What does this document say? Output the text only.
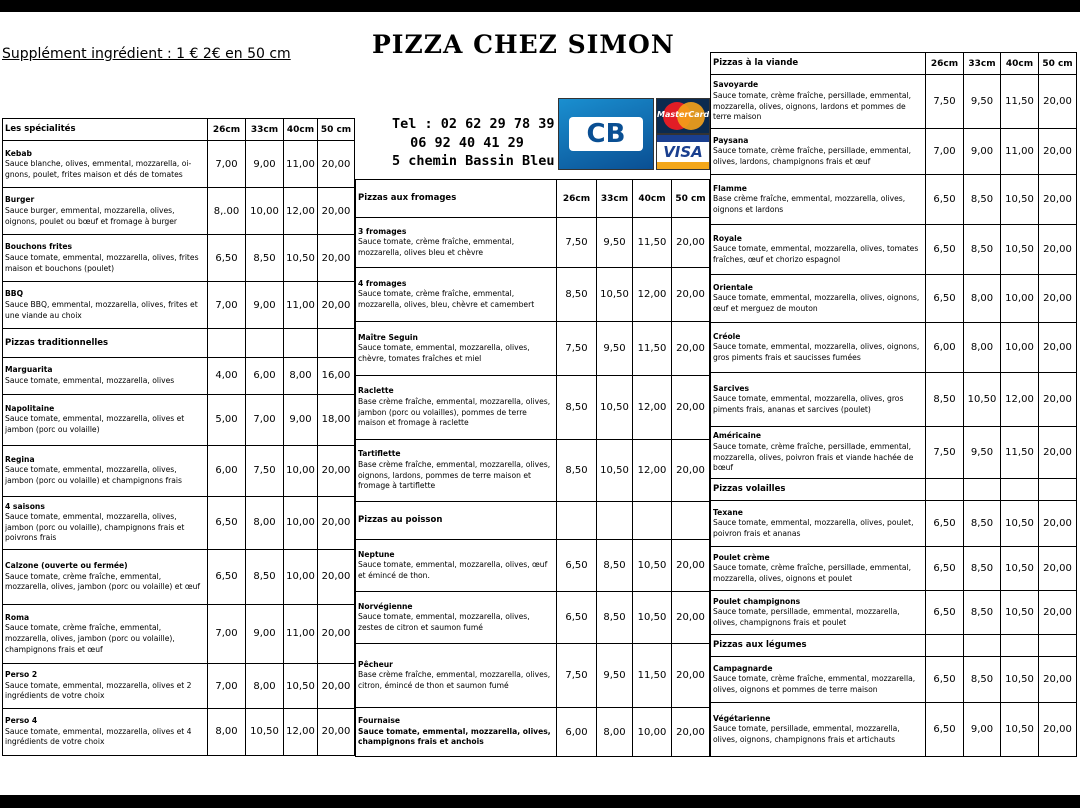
Supplément ingrédient : 1 € 2€ en 50 cm	PIZZA CHEZ SIMON
Tel : 02 62 29 78 39
06 92 40 41 29
5 chemin Bassin Bleu
CB
MasterCard
VISA
Les spécialités	26cm	33cm	40cm	50 cm

Kebab
Sauce blanche, olives, emmental, mozzarella, oi-gnons, poulet, frites maison et dés de tomates	7,00	9,00	11,00	20,00

Burger
Sauce burger, emmental, mozzarella, olives, oignons, poulet ou bœuf et fromage à burger	8,.00	10,00	12,00	20,00

Bouchons frites
Sauce tomate, emmental, mozzarella, olives, frites maison et bouchons (poulet)	6,50	8,50	10,50	20,00

BBQ
Sauce BBQ, emmental, mozzarella, olives, frites et une viande au choix	7,00	9,00	11,00	20,00
Pizzas traditionnelles				

Marguarita
Sauce tomate, emmental, mozzarella, olives	4,00	6,00	8,00	16,00

Napolitaine
Sauce tomate, emmental, mozzarella, olives et jambon (porc ou volaille)	5,00	7,00	9,00	18,00

Regina
Sauce tomate, emmental, mozzarella, olives, jambon (porc ou volaille) et champignons frais	6,00	7,50	10,00	20,00

4 saisons
Sauce tomate, emmental, mozzarella, olives, jambon (porc ou volaille), champignons frais et poivrons frais	6,50	8,00	10,00	20,00

Calzone (ouverte ou fermée)
Sauce tomate, crème fraîche, emmental, mozzarella, olives, jambon (porc ou volaille) et œuf	6,50	8,50	10,00	20,00

Roma
Sauce tomate, crème fraîche, emmental, mozzarella, olives, jambon (porc ou volaille), champignons frais et œuf	7,00	9,00	11,00	20,00

Perso 2
Sauce tomate, emmental, mozzarella, olives et 2 ingrédients de votre choix	7,00	8,00	10,50	20,00

Perso 4
Sauce tomate, emmental, mozzarella, olives et 4 ingrédients de votre choix	8,00	10,50	12,00	20,00
Pizzas aux fromages	26cm	33cm	40cm	50 cm

3 fromages
Sauce tomate, crème fraîche, emmental, mozzarella, olives bleu et chèvre	7,50	9,50	11,50	20,00

4 fromages
Sauce tomate, crème fraîche, emmental, mozzarella, olives, bleu, chèvre et camembert	8,50	10,50	12,00	20,00

Maître Seguin
Sauce tomate, emmental, mozzarella, olives, chèvre, tomates fraîches et miel	7,50	9,50	11,50	20,00

Raclette
Base crème fraîche, emmental, mozzarella, olives, jambon (porc ou volailles), pommes de terre maison et fromage à raclette	8,50	10,50	12,00	20,00

Tartiflette
Base crème fraîche, emmental, mozzarella, olives, oignons, lardons, pommes de terre maison et fromage à tartiflette	8,50	10,50	12,00	20,00
Pizzas au poisson				

Neptune
Sauce tomate, emmental, mozzarella, olives, œuf et émincé de thon.	6,50	8,50	10,50	20,00

Norvégienne
Sauce tomate, emmental, mozzarella, olives, zestes de citron et saumon fumé	6,50	8,50	10,50	20,00

Pêcheur
Base crème fraîche, emmental, mozzarella, olives, citron, émincé de thon et saumon fumé	7,50	9,50	11,50	20,00

Fournaise
Sauce tomate, emmental, mozzarella, olives, champignons frais et anchois	6,00	8,00	10,00	20,00
Pizzas à la viande	26cm	33cm	40cm	50 cm

Savoyarde
Sauce tomate, crème fraîche, persillade, emmental, mozzarella, olives, oignons, lardons et pommes de terre maison	7,50	9,50	11,50	20,00

Paysana
Sauce tomate, crème fraîche, persillade, emmental, olives, lardons, champignons frais et œuf	7,00	9,00	11,00	20,00

Flamme
Base crème fraîche, emmental, mozzarella, olives, oignons et lardons	6,50	8,50	10,50	20,00

Royale
Sauce tomate, emmental, mozzarella, olives, tomates fraîches, œuf et chorizo espagnol	6,50	8,50	10,50	20,00

Orientale
Sauce tomate, emmental, mozzarella, olives, oignons, œuf et merguez de mouton	6,50	8,00	10,00	20,00

Créole
Sauce tomate, emmental, mozzarella, olives, oignons, gros piments frais et saucisses fumées	6,00	8,00	10,00	20,00

Sarcives
Sauce tomate, emmental, mozzarella, olives, gros piments frais, ananas et sarcives (poulet)	8,50	10,50	12,00	20,00

Américaine
Sauce tomate, crème fraîche, persillade, emmental, mozzarella, olives, poivron frais et viande hachée de bœuf	7,50	9,50	11,50	20,00
Pizzas volailles				

Texane
Sauce tomate, emmental, mozzarella, olives, poulet, poivron frais et ananas	6,50	8,50	10,50	20,00

Poulet crème
Sauce tomate, crème fraîche, persillade, emmental, mozzarella, olives, oignons et poulet	6,50	8,50	10,50	20,00

Poulet champignons
Sauce tomate, persillade, emmental, mozzarella, olives, champignons frais et poulet	6,50	8,50	10,50	20,00
Pizzas aux légumes				

Campagnarde
Sauce tomate, crème fraîche, emmental, mozzarella, olives, oignons et pommes de terre maison	6,50	8,50	10,50	20,00

Végétarienne
Sauce tomate, persillade, emmental, mozzarella, olives, oignons, champignons frais et artichauts	6,50	9,00	10,50	20,00
